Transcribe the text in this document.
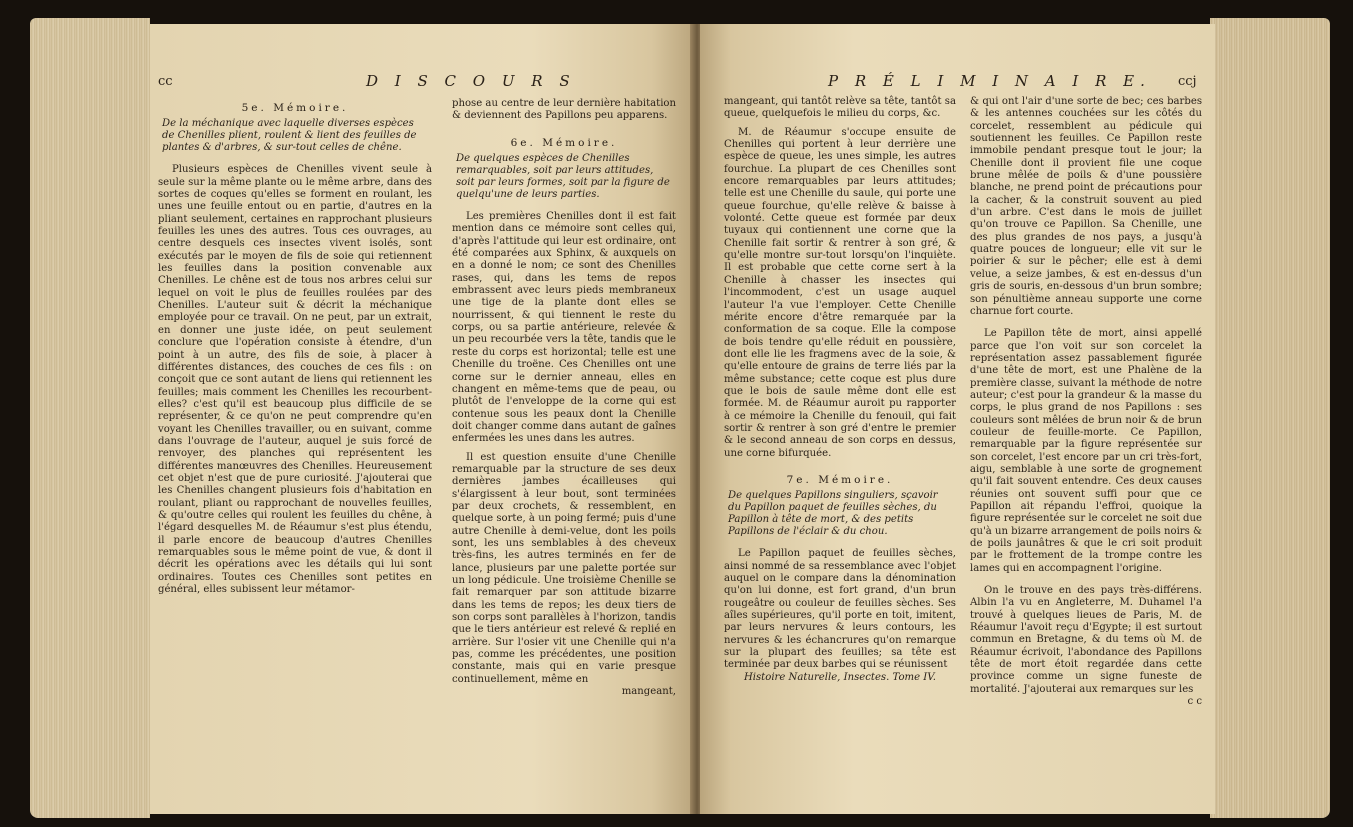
cc	D I S C O U R S
5e. Mémoire.

De la méchanique avec laquelle diverses espèces de Chenilles plient, roulent & lient des feuilles de plantes & d'arbres, & sur-tout celles de chêne.

Plusieurs espèces de Chenilles vivent seule à seule sur la même plante ou le même arbre, dans des sortes de coques qu'elles se forment en roulant, les unes une feuille entout ou en partie, d'autres en la pliant seulement, certaines en rapprochant plusieurs feuilles les unes des autres. Tous ces ouvrages, au centre desquels ces insectes vivent isolés, sont exécutés par le moyen de fils de soie qui retiennent les feuilles dans la position convenable aux Chenilles. Le chêne est de tous nos arbres celui sur lequel on voit le plus de feuilles roulées par des Chenilles. L'auteur suit & décrit la méchanique employée pour ce travail. On ne peut, par un extrait, en donner une juste idée, on peut seulement conclure que l'opération consiste à étendre, d'un point à un autre, des fils de soie, à placer à différentes distances, des couches de ces fils : on conçoit que ce sont autant de liens qui retiennent les feuilles; mais comment les Chenilles les recourbent-elles? c'est qu'il est beaucoup plus difficile de se représenter, & ce qu'on ne peut comprendre qu'en voyant les Chenilles travailler, ou en suivant, comme dans l'ouvrage de l'auteur, auquel je suis forcé de renvoyer, des planches qui représentent les différentes manœuvres des Chenilles. Heureusement cet objet n'est que de pure curiosité. J'ajouterai que les Chenilles changent plusieurs fois d'habitation en roulant, pliant ou rapprochant de nouvelles feuilles, & qu'outre celles qui roulent les feuilles du chêne, à l'égard desquelles M. de Réaumur s'est plus étendu, il parle encore de beaucoup d'autres Chenilles remarquables sous le même point de vue, & dont il décrit les opérations avec les détails qui lui sont ordinaires. Toutes ces Chenilles sont petites en général, elles subissent leur métamor-

phose au centre de leur dernière habitation & deviennent des Papillons peu apparens.

6e. Mémoire.

De quelques espèces de Chenilles remarquables, soit par leurs attitudes, soit par leurs formes, soit par la figure de quelqu'une de leurs parties.

Les premières Chenilles dont il est fait mention dans ce mémoire sont celles qui, d'après l'attitude qui leur est ordinaire, ont été comparées aux Sphinx, & auxquels on en a donné le nom; ce sont des Chenilles rases, qui, dans les tems de repos embrassent avec leurs pieds membraneux une tige de la plante dont elles se nourrissent, & qui tiennent le reste du corps, ou sa partie antérieure, relevée & un peu recourbée vers la tête, tandis que le reste du corps est horizontal; telle est une Chenille du troëne. Ces Chenilles ont une corne sur le dernier anneau, elles en changent en même-tems que de peau, ou plutôt de l'enveloppe de la corne qui est contenue sous les peaux dont la Chenille doit changer comme dans autant de gaînes enfermées les unes dans les autres.

Il est question ensuite d'une Chenille remarquable par la structure de ses deux dernières jambes écailleuses qui s'élargissent à leur bout, sont terminées par deux crochets, & ressemblent, en quelque sorte, à un poing fermé; puis d'une autre Chenille à demi-velue, dont les poils sont, les uns semblables à des cheveux très-fins, les autres terminés en fer de lance, plusieurs par une palette portée sur un long pédicule. Une troisième Chenille se fait remarquer par son attitude bizarre dans les tems de repos; les deux tiers de son corps sont parallèles à l'horizon, tandis que le tiers antérieur est relevé & replié en arrière. Sur l'osier vit une Chenille qui n'a pas, comme les précédentes, une position constante, mais qui en varie presque continuellement, même en

mangeant,

P R É L I M I N A I R E. ccj

mangeant, qui tantôt relève sa tête, tantôt sa queue, quelquefois le milieu du corps, &c.

M. de Réaumur s'occupe ensuite de Chenilles qui portent à leur derrière une espèce de queue, les unes simple, les autres fourchue. La plupart de ces Chenilles sont encore remarquables par leurs attitudes; telle est une Chenille du saule, qui porte une queue fourchue, qu'elle relève & baisse à volonté. Cette queue est formée par deux tuyaux qui contiennent une corne que la Chenille fait sortir & rentrer à son gré, & qu'elle montre sur-tout lorsqu'on l'inquiète. Il est probable que cette corne sert à la Chenille à chasser les insectes qui l'incommodent, c'est un usage auquel l'auteur l'a vue l'employer. Cette Chenille mérite encore d'être remarquée par la conformation de sa coque. Elle la compose de bois tendre qu'elle réduit en poussière, dont elle lie les fragmens avec de la soie, & qu'elle entoure de grains de terre liés par la même substance; cette coque est plus dure que le bois de saule même dont elle est formée. M. de Réaumur auroit pu rapporter à ce mémoire la Chenille du fenouil, qui fait sortir & rentrer à son gré d'entre le premier & le second anneau de son corps en dessus, une corne bifurquée.

7e. Mémoire.

De quelques Papillons singuliers, sçavoir du Papillon paquet de feuilles sèches, du Papillon à tête de mort, & des petits Papillons de l'éclair & du chou.

Le Papillon paquet de feuilles sèches, ainsi nommé de sa ressemblance avec l'objet auquel on le compare dans la dénomination qu'on lui donne, est fort grand, d'un brun rougeâtre ou couleur de feuilles sèches. Ses aîles supérieures, qu'il porte en toit, imitent, par leurs nervures & leurs contours, les nervures & les échancrures qu'on remarque sur la plupart des feuilles; sa tête est terminée par deux barbes qui se réunissent

Histoire Naturelle, Insectes. Tome IV.

& qui ont l'air d'une sorte de bec; ces barbes & les antennes couchées sur les côtés du corcelet, ressemblent au pédicule qui soutiennent les feuilles. Ce Papillon reste immobile pendant presque tout le jour; la Chenille dont il provient file une coque brune mêlée de poils & d'une poussière blanche, ne prend point de précautions pour la cacher, & la construit souvent au pied d'un arbre. C'est dans le mois de juillet qu'on trouve ce Papillon. Sa Chenille, une des plus grandes de nos pays, a jusqu'à quatre pouces de longueur; elle vit sur le poirier & sur le pêcher; elle est à demi velue, a seize jambes, & est en-dessus d'un gris de souris, en-dessous d'un brun sombre; son pénultième anneau supporte une corne charnue fort courte.

Le Papillon tête de mort, ainsi appellé parce que l'on voit sur son corcelet la représentation assez passablement figurée d'une tête de mort, est une Phalène de la première classe, suivant la méthode de notre auteur; c'est pour la grandeur & la masse du corps, le plus grand de nos Papillons : ses couleurs sont mêlées de brun noir & de brun couleur de feuille-morte. Ce Papillon, remarquable par la figure représentée sur son corcelet, l'est encore par un cri très-fort, aigu, semblable à une sorte de grognement qu'il fait souvent entendre. Ces deux causes réunies ont souvent suffi pour que ce Papillon ait répandu l'effroi, quoique la figure représentée sur le corcelet ne soit due qu'à un bizarre arrangement de poils noirs & de poils jaunâtres & que le cri soit produit par le frottement de la trompe contre les lames qui en accompagnent l'origine.

On le trouve en des pays très-différens. Albin l'a vu en Angleterre, M. Duhamel l'a trouvé à quelques lieues de Paris, M. de Réaumur l'avoit reçu d'Egypte; il est surtout commun en Bretagne, & du tems où M. de Réaumur écrivoit, l'abondance des Papillons tête de mort étoit regardée dans cette province comme un signe funeste de mortalité. J'ajouterai aux remarques sur les

c c
